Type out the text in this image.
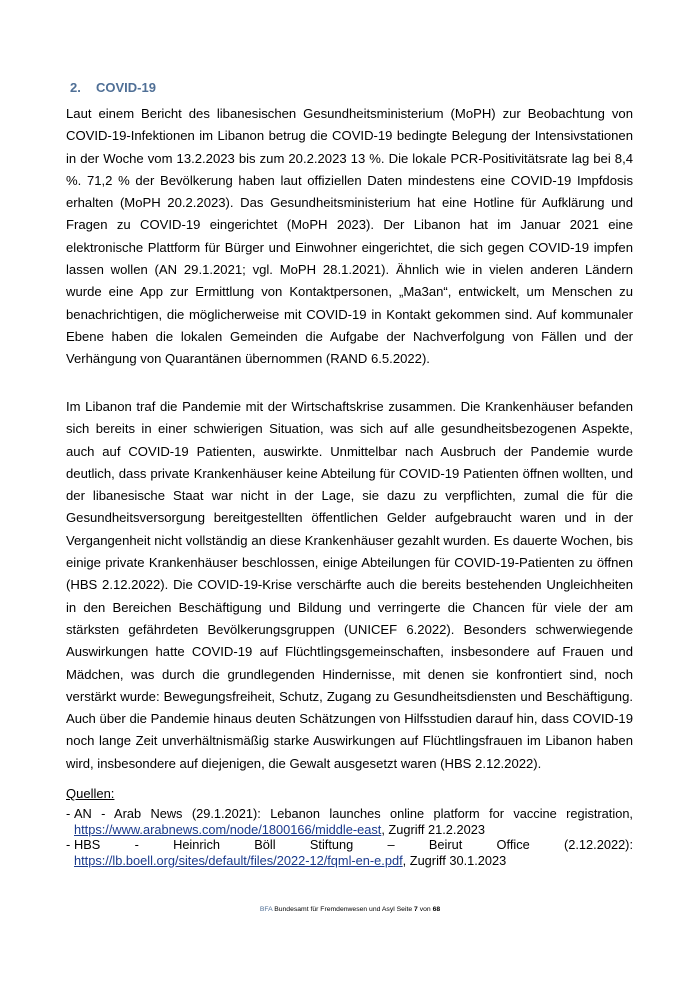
2. COVID-19

Laut einem Bericht des libanesischen Gesundheitsministerium (MoPH) zur Beobachtung von COVID-19-Infektionen im Libanon betrug die COVID-19 bedingte Belegung der Intensivstationen in der Woche vom 13.2.2023 bis zum 20.2.2023 13 %. Die lokale PCR-Positivitätsrate lag bei 8,4 %. 71,2 % der Bevölkerung haben laut offiziellen Daten mindestens eine COVID-19 Impfdosis erhalten (MoPH 20.2.2023). Das Gesundheitsministerium hat eine Hotline für Aufklärung und Fragen zu COVID-19 eingerichtet (MoPH 2023). Der Libanon hat im Januar 2021 eine elektronische Plattform für Bürger und Einwohner eingerichtet, die sich gegen COVID-19 impfen lassen wollen (AN 29.1.2021; vgl. MoPH 28.1.2021). Ähnlich wie in vielen anderen Ländern wurde eine App zur Ermittlung von Kontaktpersonen, „Ma3an“, entwickelt, um Menschen zu benachrichtigen, die möglicherweise mit COVID-19 in Kontakt gekommen sind. Auf kommunaler Ebene haben die lokalen Gemeinden die Aufgabe der Nachverfolgung von Fällen und der Verhängung von Quarantänen übernommen (RAND 6.5.2022).

Im Libanon traf die Pandemie mit der Wirtschaftskrise zusammen. Die Krankenhäuser befanden sich bereits in einer schwierigen Situation, was sich auf alle gesundheitsbezogenen Aspekte, auch auf COVID-19 Patienten, auswirkte. Unmittelbar nach Ausbruch der Pandemie wurde deutlich, dass private Krankenhäuser keine Abteilung für COVID-19 Patienten öffnen wollten, und der libanesische Staat war nicht in der Lage, sie dazu zu verpflichten, zumal die für die Gesundheitsversorgung bereitgestellten öffentlichen Gelder aufgebraucht waren und in der Vergangenheit nicht vollständig an diese Krankenhäuser gezahlt wurden. Es dauerte Wochen, bis einige private Krankenhäuser beschlossen, einige Abteilungen für COVID-19-Patienten zu öffnen (HBS 2.12.2022). Die COVID-19-Krise verschärfte auch die bereits bestehenden Ungleichheiten in den Bereichen Beschäftigung und Bildung und verringerte die Chancen für viele der am stärksten gefährdeten Bevölkerungsgruppen (UNICEF 6.2022). Besonders schwerwiegende Auswirkungen hatte COVID-19 auf Flüchtlingsgemeinschaften, insbesondere auf Frauen und Mädchen, was durch die grundlegenden Hindernisse, mit denen sie konfrontiert sind, noch verstärkt wurde: Bewegungsfreiheit, Schutz, Zugang zu Gesundheitsdiensten und Beschäftigung. Auch über die Pandemie hinaus deuten Schätzungen von Hilfsstudien darauf hin, dass COVID-19 noch lange Zeit unverhältnismäßig starke Auswirkungen auf Flüchtlingsfrauen im Libanon haben wird, insbesondere auf diejenigen, die Gewalt ausgesetzt waren (HBS 2.12.2022).

Quellen:

- AN - Arab News (29.1.2021): Lebanon launches online platform for vaccine registration,
https://www.arabnews.com/node/1800166/middle-east, Zugriff 21.2.2023
- HBS - Heinrich Böll Stiftung – Beirut Office (2.12.2022):
https://lb.boell.org/sites/default/files/2022-12/fqml-en-e.pdf, Zugriff 30.1.2023
BFA Bundesamt für Fremdenwesen und Asyl Seite 7 von 68
